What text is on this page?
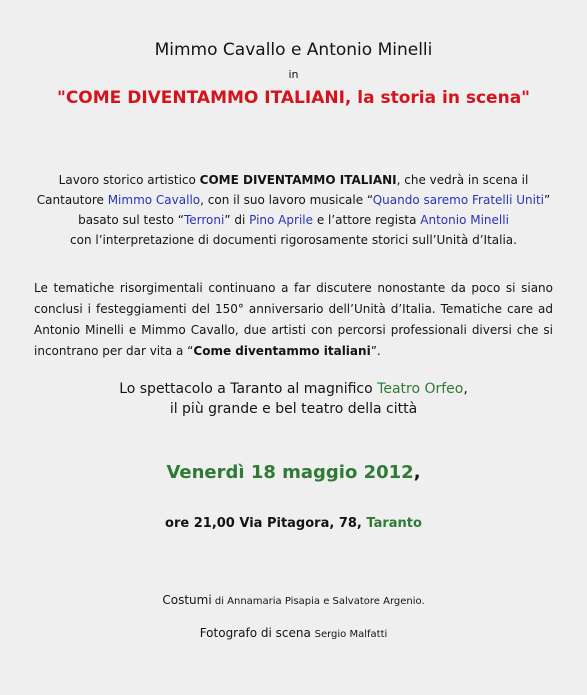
Mimmo Cavallo e Antonio Minelli
in
"COME DIVENTAMMO ITALIANI, la storia in scena"
Lavoro storico artistico COME DIVENTAMMO ITALIANI, che vedrà in scena il
Cantautore Mimmo Cavallo, con il suo lavoro musicale “Quando saremo Fratelli Uniti”
basato sul testo “Terroni” di Pino Aprile e l’attore regista Antonio Minelli
con l’interpretazione di documenti rigorosamente storici sull’Unità d’Italia.
Le tematiche risorgimentali continuano a far discutere nonostante da poco si siano
conclusi i festeggiamenti del 150° anniversario dell’Unità d’Italia. Tematiche care ad
Antonio Minelli e Mimmo Cavallo, due artisti con percorsi professionali diversi che si
incontrano per dar vita a “Come diventammo italiani”.
Lo spettacolo a Taranto al magnifico Teatro Orfeo,
il più grande e bel teatro della città
Venerdì 18 maggio 2012,
ore 21,00 Via Pitagora, 78, Taranto
Costumi di Annamaria Pisapia e Salvatore Argenio.
Fotografo di scena Sergio Malfatti
